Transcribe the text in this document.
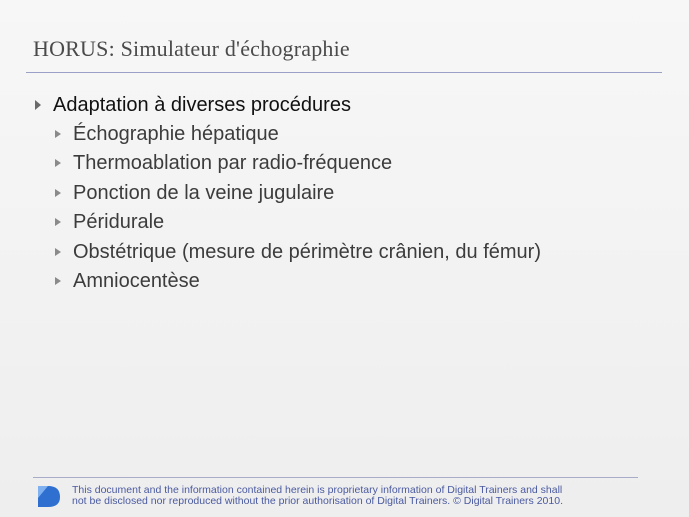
HORUS: Simulateur d'échographie
Adaptation à diverses procédures
Échographie hépatique
Thermoablation par radio-fréquence
Ponction de la veine jugulaire
Péridurale
Obstétrique (mesure de périmètre crânien, du fémur)
Amniocentèse
This document and the information contained herein is proprietary information of Digital Trainers and shall
not be disclosed nor reproduced without the prior authorisation of Digital Trainers. © Digital Trainers 2010.
